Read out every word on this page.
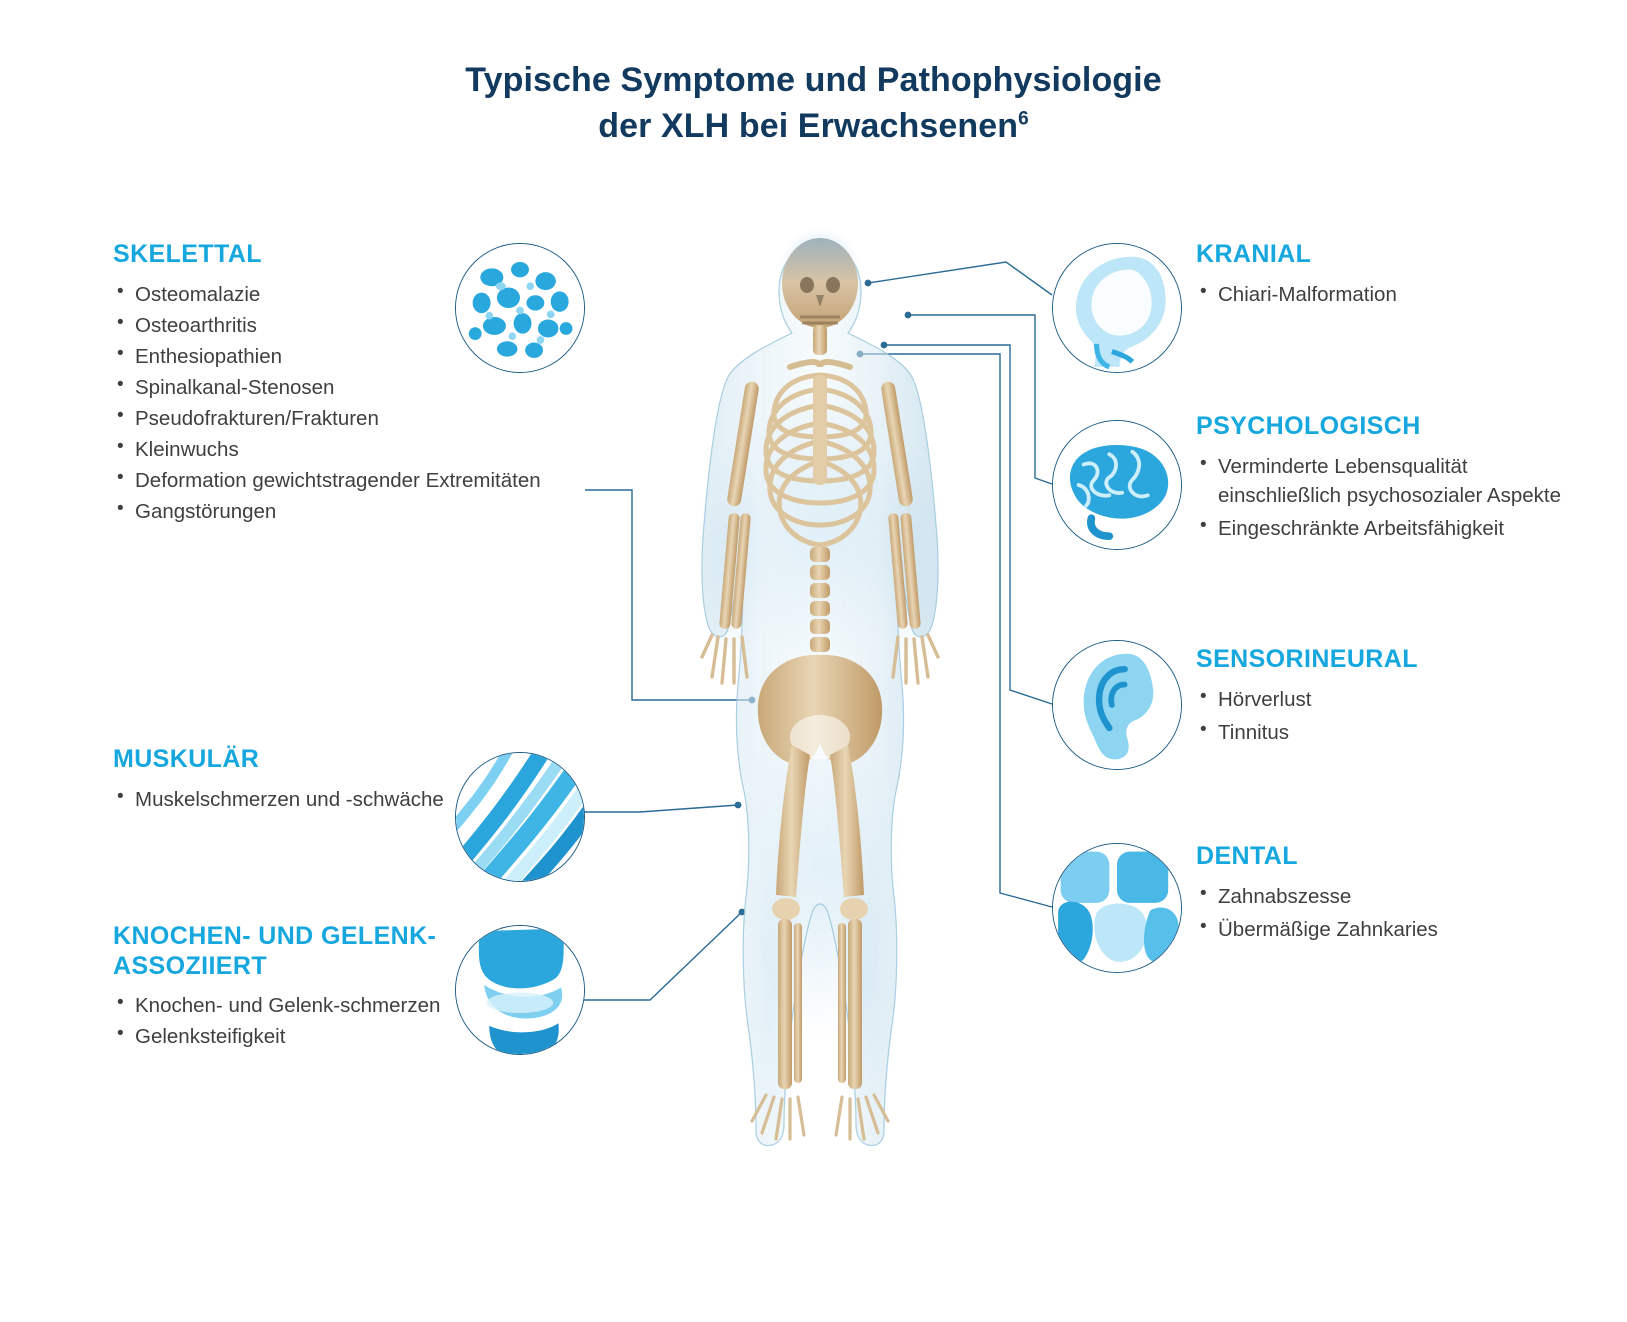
Typische Symptome und Pathophysiologie
der XLH bei Erwachsenen$^6$
SKELETTAL
• Osteomalazie
• Osteoarthritis
• Enthesiopathien
• Spinalkanal-Stenosen
• Pseudofrakturen/Frakturen
• Kleinwuchs
• Deformation gewichtstragender Extremitäten
• Gangstörungen
MUSKULÄR
• Muskelschmerzen und -schwäche
KNOCHEN- UND GELENK-ASSOZIIERT
• Knochen- und Gelenk-schmerzen
• Gelenksteifigkeit
KRANIAL
• Chiari-Malformation
PSYCHOLOGISCH
• Verminderte Lebensqualität einschließlich psychosozialer Aspekte
• Eingeschränkte Arbeitsfähigkeit
SENSORINEURAL
• Hörverlust
• Tinnitus
DENTAL
• Zahnabszesse
• Übermäßige Zahnkaries
